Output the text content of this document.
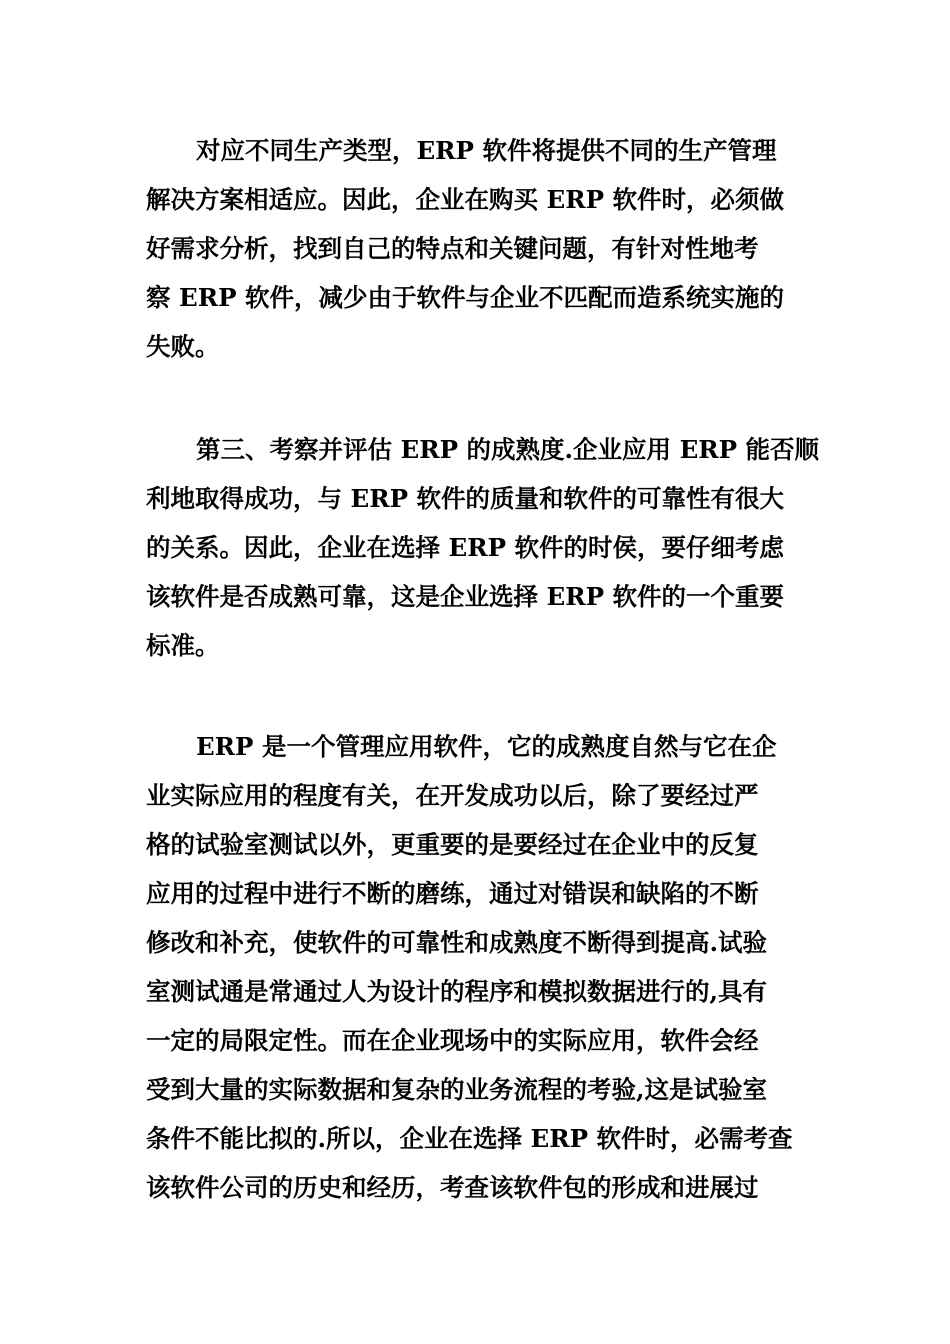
对应不同生产类型，ERP 软件将提供不同的生产管理
解决方案相适应。因此，企业在购买 ERP 软件时，必须做
好需求分析，找到自己的特点和关键问题，有针对性地考
察 ERP 软件，减少由于软件与企业不匹配而造系统实施的
失败。
第三、考察并评估 ERP 的成熟度.企业应用 ERP 能否顺
利地取得成功，与 ERP 软件的质量和软件的可靠性有很大
的关系。因此，企业在选择 ERP 软件的时侯，要仔细考虑
该软件是否成熟可靠，这是企业选择 ERP 软件的一个重要
标准。
ERP 是一个管理应用软件，它的成熟度自然与它在企
业实际应用的程度有关，在开发成功以后，除了要经过严
格的试验室测试以外，更重要的是要经过在企业中的反复
应用的过程中进行不断的磨练，通过对错误和缺陷的不断
修改和补充，使软件的可靠性和成熟度不断得到提高.试验
室测试通是常通过人为设计的程序和模拟数据进行的,具有
一定的局限定性。而在企业现场中的实际应用，软件会经
受到大量的实际数据和复杂的业务流程的考验,这是试验室
条件不能比拟的.所以，企业在选择 ERP 软件时，必需考查
该软件公司的历史和经历，考查该软件包的形成和进展过
